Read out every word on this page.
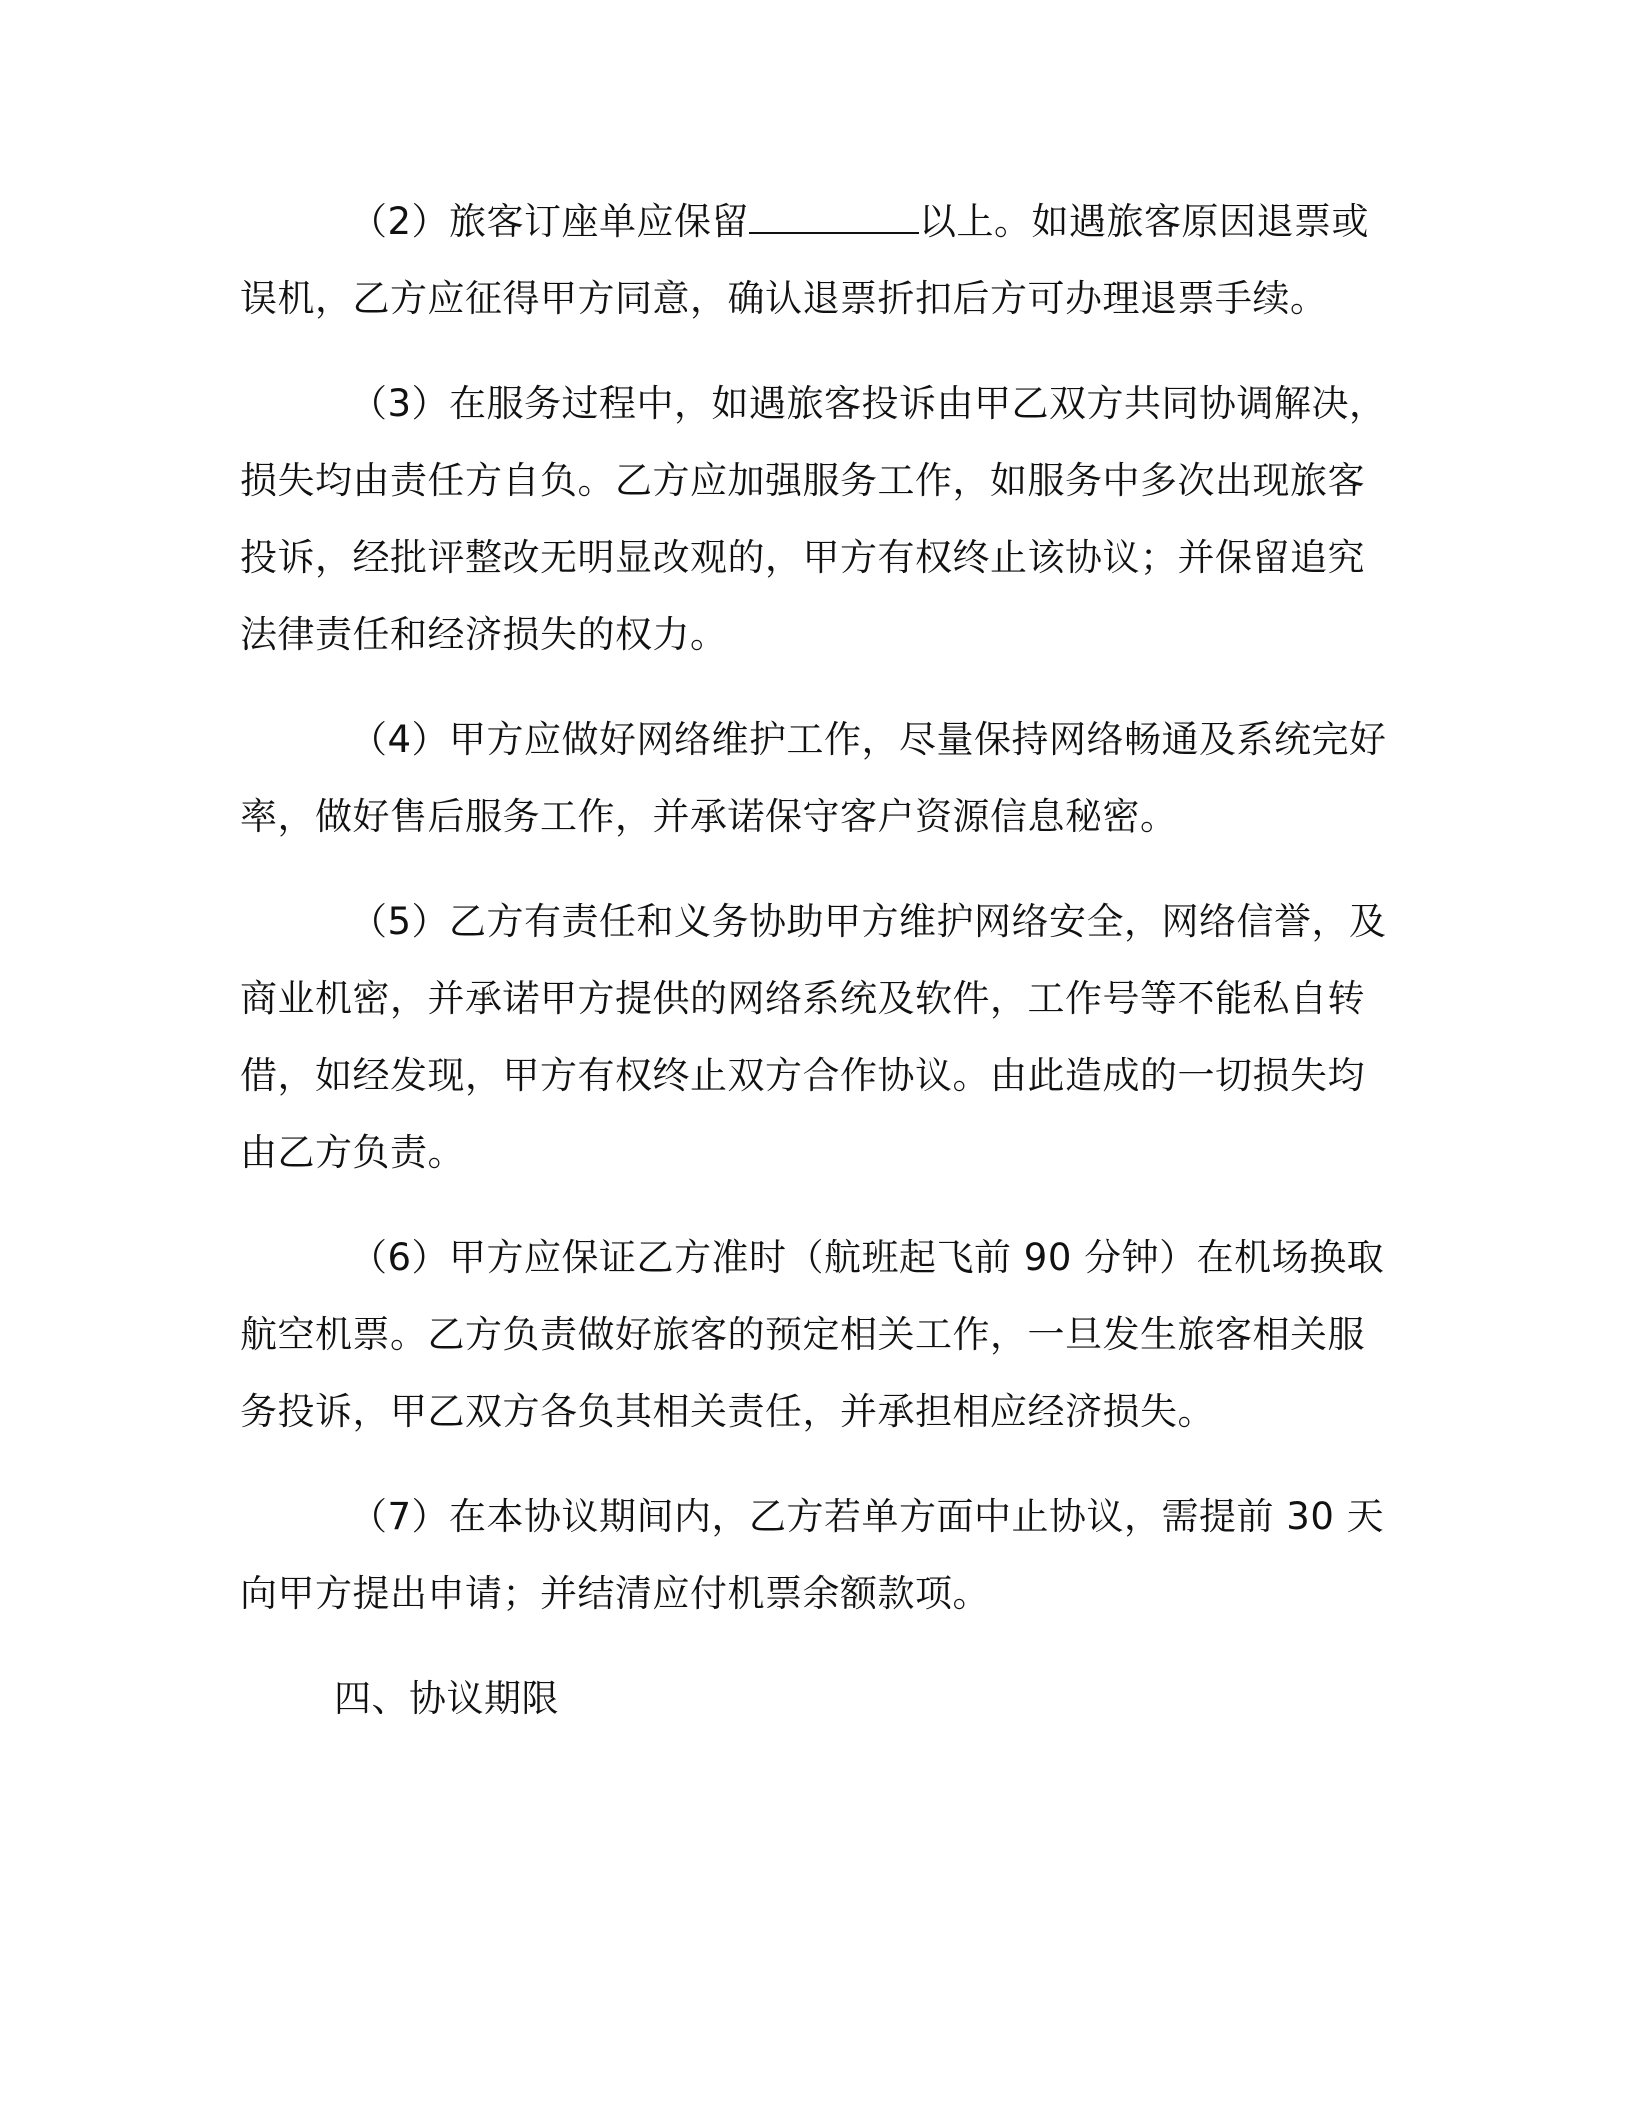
（2）旅客订座单应保留	以上。如遇旅客原因退票或误机，乙方应征得甲方同意，确认退票折扣后方可办理退票手续。

（3）在服务过程中，如遇旅客投诉由甲乙双方共同协调解决，损失均由责任方自负。乙方应加强服务工作，如服务中多次出现旅客投诉，经批评整改无明显改观的，甲方有权终止该协议；并保留追究法律责任和经济损失的权力。

（4）甲方应做好网络维护工作，尽量保持网络畅通及系统完好率，做好售后服务工作，并承诺保守客户资源信息秘密。

（5）乙方有责任和义务协助甲方维护网络安全，网络信誉，及商业机密，并承诺甲方提供的网络系统及软件，工作号等不能私自转借，如经发现，甲方有权终止双方合作协议。由此造成的一切损失均由乙方负责。

（6）甲方应保证乙方准时（航班起飞前 90 分钟）在机场换取航空机票。乙方负责做好旅客的预定相关工作，一旦发生旅客相关服务投诉，甲乙双方各负其相关责任，并承担相应经济损失。

（7）在本协议期间内，乙方若单方面中止协议，需提前 30 天向甲方提出申请；并结清应付机票余额款项。

四、协议期限
